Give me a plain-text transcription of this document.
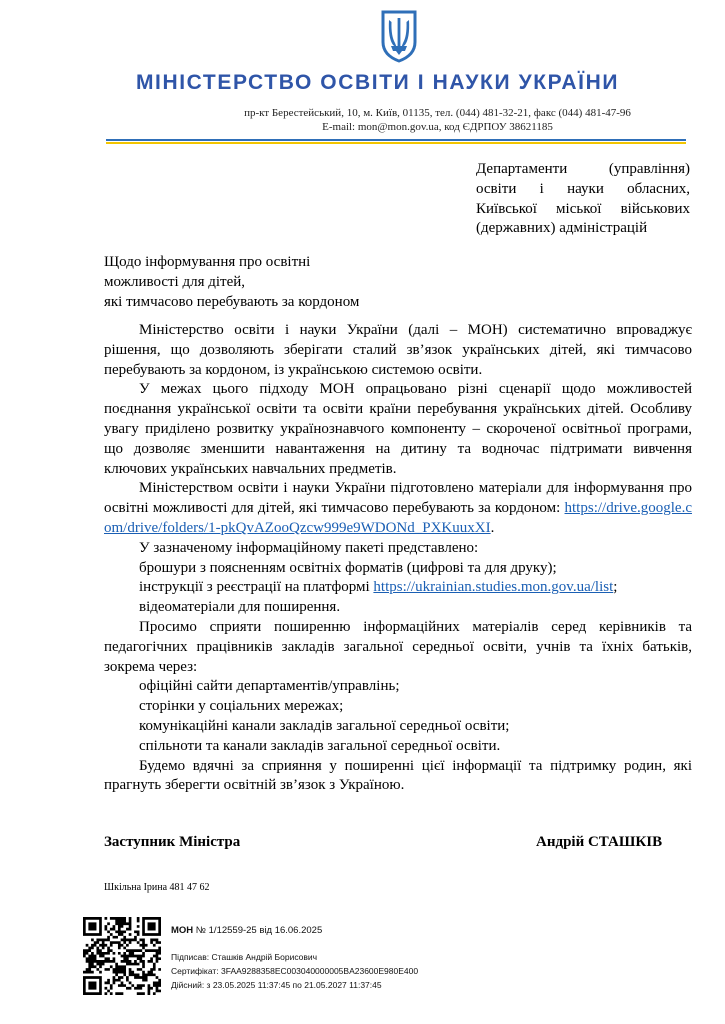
МІНІСТЕРСТВО ОСВІТИ І НАУКИ УКРАЇНИ
пр-кт Берестейський, 10, м. Київ, 01135, тел. (044) 481-32-21, факс (044) 481-47-96
E-mail: mon@mon.gov.ua, код ЄДРПОУ 38621185
Департаменти (управління)
освіти і науки обласних,
Київської міської військових
(державних) адміністрацій
Щодо інформування про освітні
можливості для дітей,
які тимчасово перебувають за кордоном
Міністерство освіти і науки України (далі – МОН) систематично впроваджує рішення, що дозволяють зберігати сталий зв’язок українських дітей, які тимчасово перебувають за кордоном, із українською системою освіти.
У межах цього підходу МОН опрацьовано різні сценарії щодо можливостей поєднання української освіти та освіти країни перебування українських дітей. Особливу увагу приділено розвитку українознавчого компоненту – скороченої освітньої програми, що дозволяє зменшити навантаження на дитину та водночас підтримати вивчення ключових українських навчальних предметів.
Міністерством освіти і науки України підготовлено матеріали для інформування про освітні можливості для дітей, які тимчасово перебувають за кордоном: https://drive.google.com/drive/folders/1-pkQvAZooQzcw999e9WDONd_PXKuuxXI.
У зазначеному інформаційному пакеті представлено:
брошури з поясненням освітніх форматів (цифрові та для друку);
інструкції з реєстрації на платформі https://ukrainian.studies.mon.gov.ua/list;
відеоматеріали для поширення.
Просимо сприяти поширенню інформаційних матеріалів серед керівників та педагогічних працівників закладів загальної середньої освіти, учнів та їхніх батьків, зокрема через:
офіційні сайти департаментів/управлінь;
сторінки у соціальних мережах;
комунікаційні канали закладів загальної середньої освіти;
спільноти та канали закладів загальної середньої освіти.
Будемо вдячні за сприяння у поширенні цієї інформації та підтримку родин, які прагнуть зберегти освітній зв’язок з Україною.
Заступник Міністра	Андрій СТАШКІВ
Шкільна Ірина 481 47 62
МОН № 1/12559-25 від 16.06.2025
Підписав: Сташків Андрій Борисович
Сертифікат: 3FAA9288358EC003040000005BA23600E980E400
Дійсний: з 23.05.2025 11:37:45 по 21.05.2027 11:37:45
